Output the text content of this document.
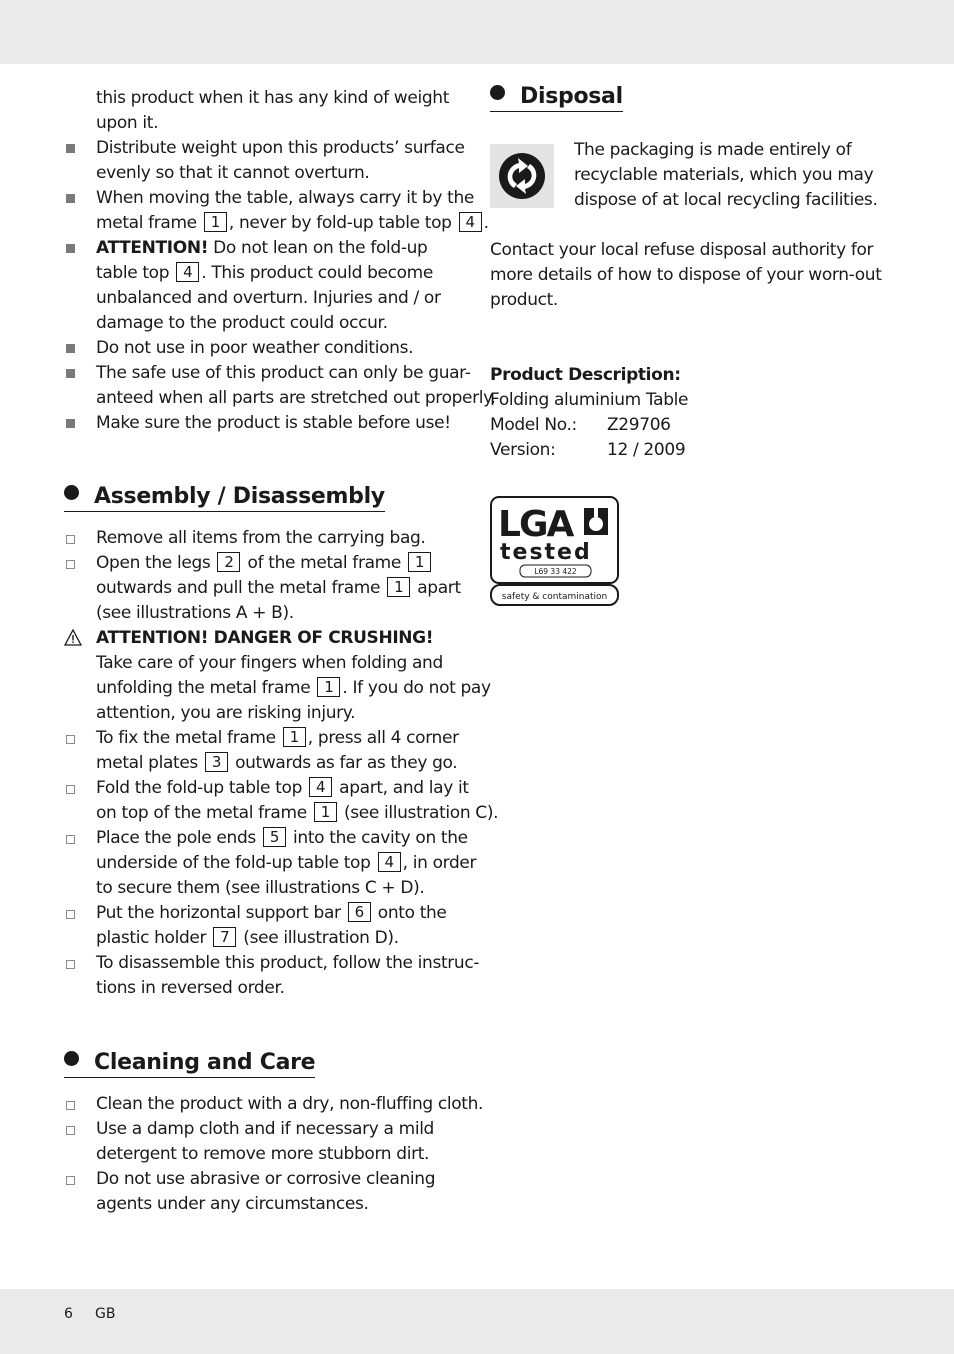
this product when it has any kind of weight
upon it.
Distribute weight upon this products’ surface
evenly so that it cannot overturn.
When moving the table, always carry it by the
metal frame 1 , never by fold-up table top 4 .
ATTENTION! Do not lean on the fold-up
table top 4 . This product could become
unbalanced and overturn. Injuries and / or
damage to the product could occur.
Do not use in poor weather conditions.
The safe use of this product can only be guar-
anteed when all parts are stretched out properly.
Make sure the product is stable before use!
Assembly / Disassembly
Remove all items from the carrying bag.
Open the legs 2 of the metal frame 1
outwards and pull the metal frame 1 apart
(see illustrations A + B).
ATTENTION! DANGER OF CRUSHING!
Take care of your fingers when folding and
unfolding the metal frame 1 . If you do not pay
attention, you are risking injury.
To fix the metal frame 1 , press all 4 corner
metal plates 3 outwards as far as they go.
Fold the fold-up table top 4 apart, and lay it
on top of the metal frame 1 (see illustration C).
Place the pole ends 5 into the cavity on the
underside of the fold-up table top 4 , in order
to secure them (see illustrations C + D).
Put the horizontal support bar 6 onto the
plastic holder 7 (see illustration D).
To disassemble this product, follow the instruc-
tions in reversed order.
Cleaning and Care
Clean the product with a dry, non-fluffing cloth.
Use a damp cloth and if necessary a mild
detergent to remove more stubborn dirt.
Do not use abrasive or corrosive cleaning
agents under any circumstances.
Disposal
The packaging is made entirely of
recyclable materials, which you may
dispose of at local recycling facilities.
Contact your local refuse disposal authority for
more details of how to dispose of your worn-out
product.
Product Description:
Folding aluminium Table
Model No.: Z29706
Version:	12 / 2009
LGA
tested
L69 33 422
safety & contamination
6 GB
